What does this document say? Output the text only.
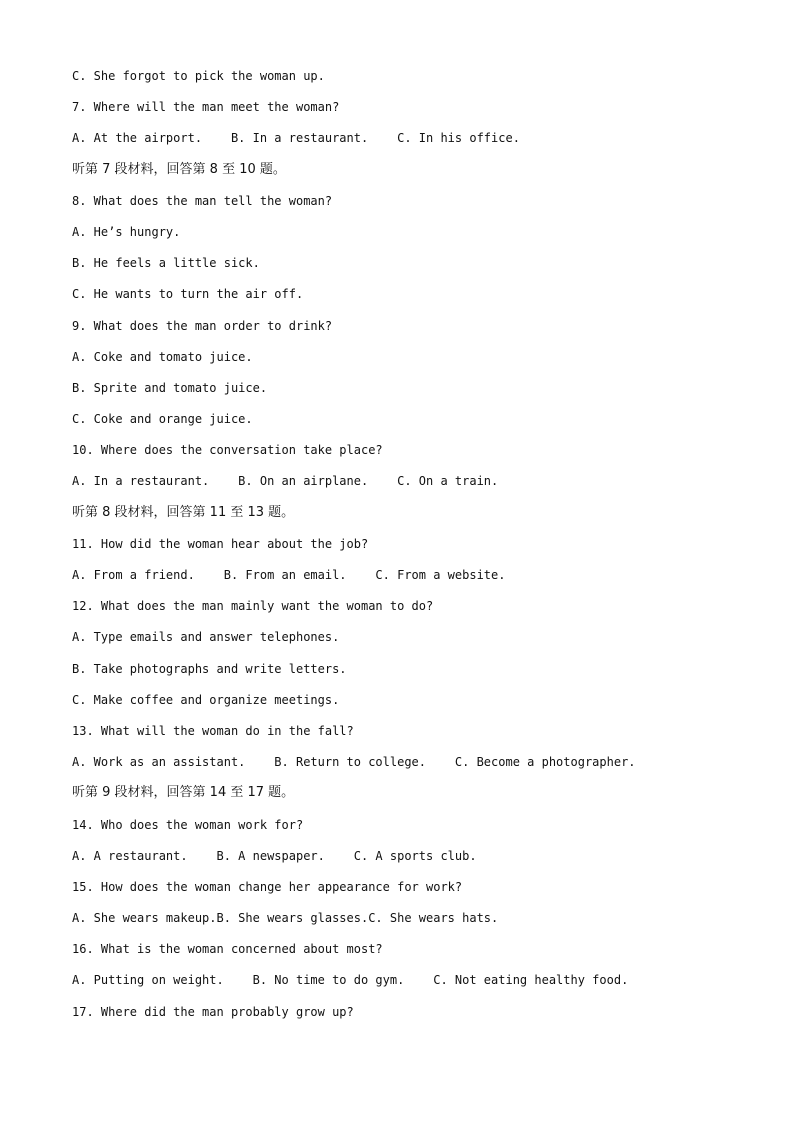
C. She forgot to pick the woman up.
7. Where will the man meet the woman?
A. At the airport.    B. In a restaurant.    C. In his office.
听第 7 段材料，回答第 8 至 10 题。
8. What does the man tell the woman?
A. He’s hungry.
B. He feels a little sick.
C. He wants to turn the air off.
9. What does the man order to drink?
A. Coke and tomato juice.
B. Sprite and tomato juice.
C. Coke and orange juice.
10. Where does the conversation take place?
A. In a restaurant.    B. On an airplane.    C. On a train.
听第 8 段材料，回答第 11 至 13 题。
11. How did the woman hear about the job?
A. From a friend.    B. From an email.    C. From a website.
12. What does the man mainly want the woman to do?
A. Type emails and answer telephones.
B. Take photographs and write letters.
C. Make coffee and organize meetings.
13. What will the woman do in the fall?
A. Work as an assistant.    B. Return to college.    C. Become a photographer.
听第 9 段材料，回答第 14 至 17 题。
14. Who does the woman work for?
A. A restaurant.    B. A newspaper.    C. A sports club.
15. How does the woman change her appearance for work?
A. She wears makeup.B. She wears glasses.C. She wears hats.
16. What is the woman concerned about most?
A. Putting on weight.    B. No time to do gym.    C. Not eating healthy food.
17. Where did the man probably grow up?
